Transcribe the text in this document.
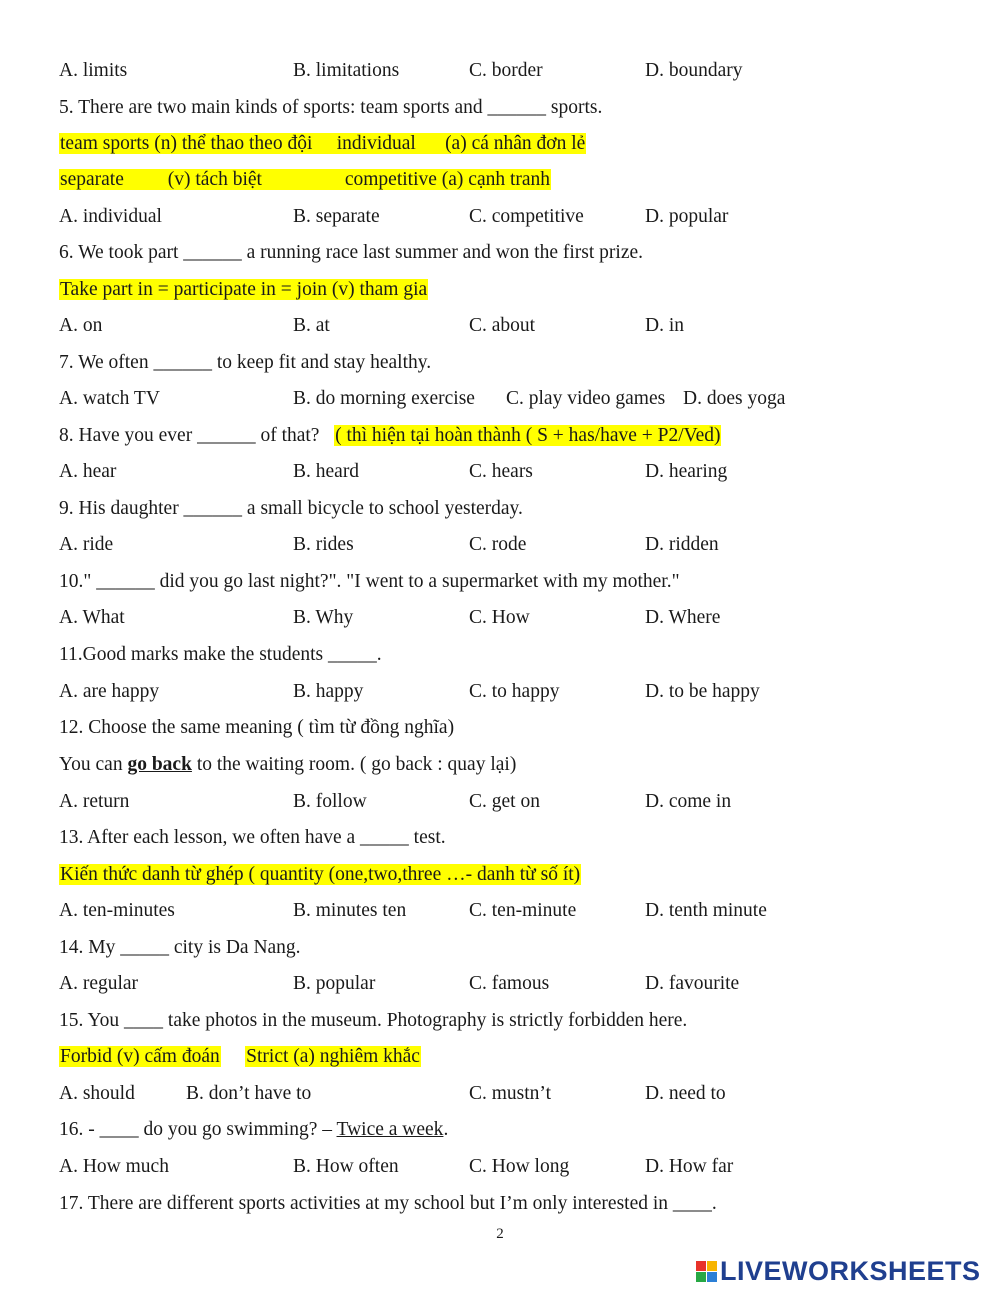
A. limits	B. limitations	C. border	D. boundary
5. There are two main kinds of sports: team sports and ______ sports.
team sports (n) thể thao theo đội individual (a) cá nhân đơn lẻ
separate (v) tách biệt	competitive (a) cạnh tranh
A. individual	B. separate	C. competitive	D. popular
6. We took part ______ a running race last summer and won the first prize.
Take part in = participate in = join (v) tham gia
A. on	B. at	C. about	D. in
7. We often ______ to keep fit and stay healthy.
A. watch TV	B. do morning exercise C. play video games D. does yoga
8. Have you ever ______ of that? ( thì hiện tại hoàn thành ( S + has/have + P2/Ved)
A. hear	B. heard	C. hears	D. hearing
9. His daughter ______ a small bicycle to school yesterday.
A. ride	B. rides	C. rode	D. ridden
10." ______ did you go last night?". "I went to a supermarket with my mother."
A. What	B. Why	C. How	D. Where
11.Good marks make the students _____.
A. are happy	B. happy	C. to happy	D. to be happy
12. Choose the same meaning ( tìm từ đồng nghĩa)
You can go back to the waiting room. ( go back : quay lại)
A. return	B. follow	C. get on	D. come in
13. After each lesson, we often have a _____ test.
Kiến thức danh từ ghép ( quantity (one,two,three …- danh từ số ít)
A. ten-minutes	B. minutes ten	C. ten-minute	D. tenth minute
14. My _____ city is Da Nang.
A. regular	B. popular	C. famous	D. favourite
15. You ____ take photos in the museum. Photography is strictly forbidden here.
Forbid (v) cấm đoán Strict (a) nghiêm khắc
A. should	B. don’t have to	C. mustn’t	D. need to
16. - ____ do you go swimming? – Twice a week.
A. How much	B. How often	C. How long	D. How far
17. There are different sports activities at my school but I’m only interested in ____.
2
LIVEWORKSHEETS
